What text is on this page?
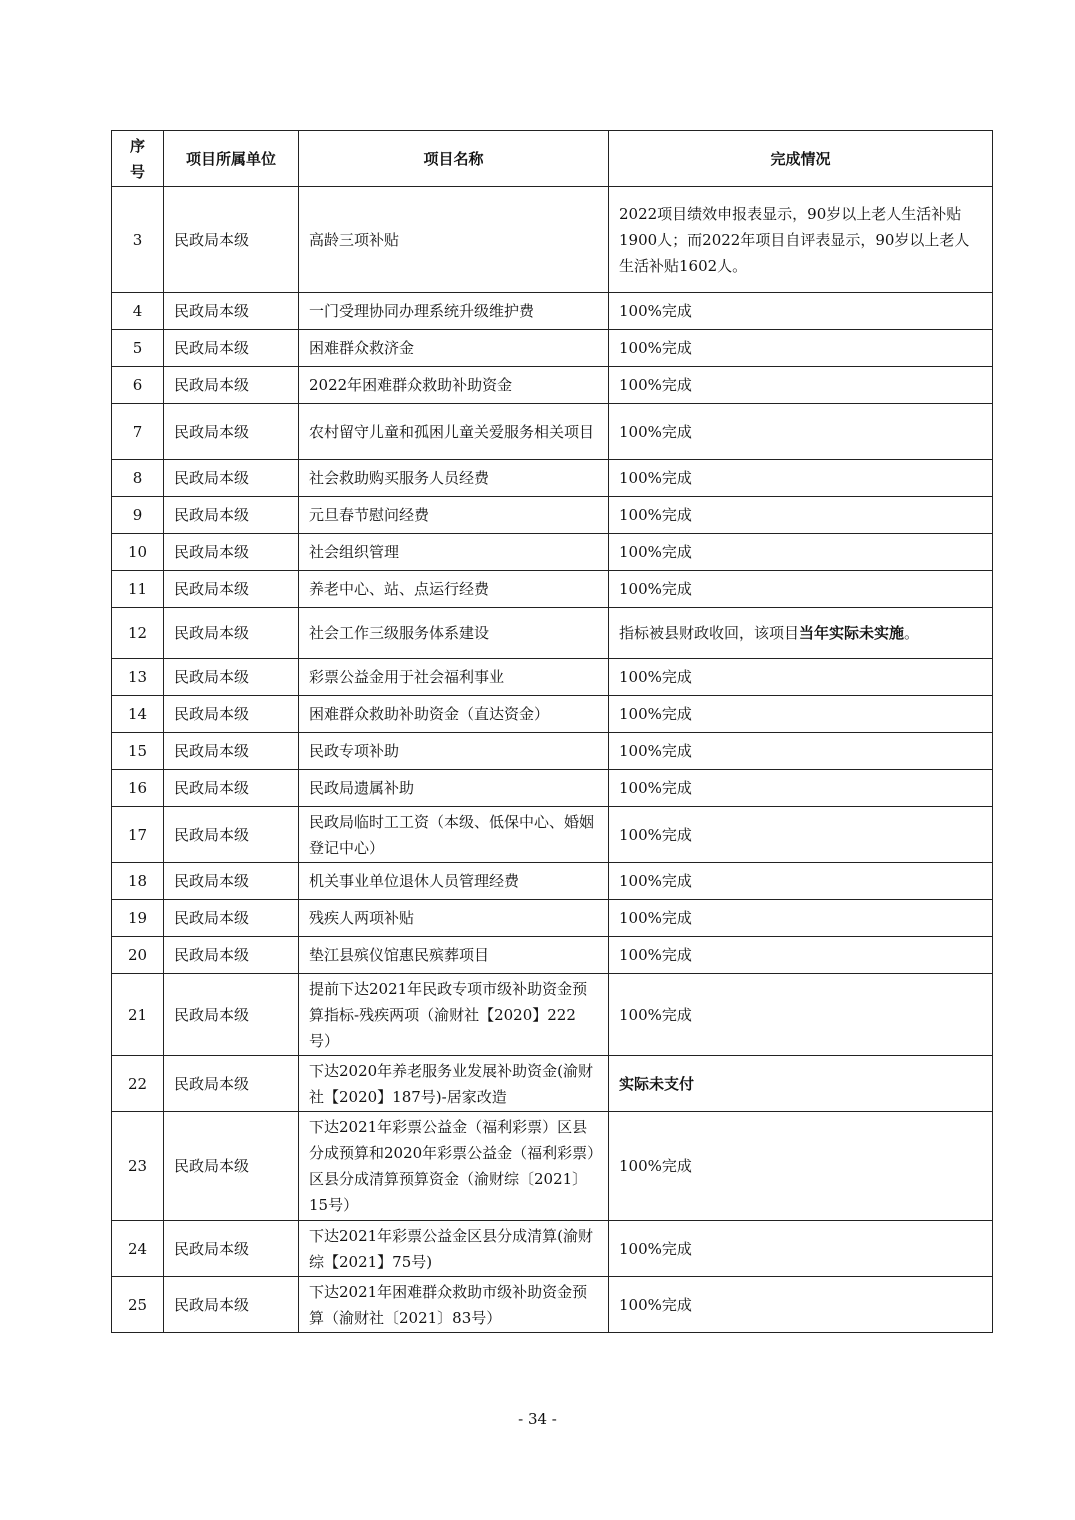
序号	项目所属单位	项目名称	完成情况
3	民政局本级	高龄三项补贴	2022项目绩效申报表显示，90岁以上老人生活补贴1900人；而2022年项目自评表显示，90岁以上老人生活补贴1602人。
4	民政局本级	一门受理协同办理系统升级维护费	100%完成
5	民政局本级	困难群众救济金	100%完成
6	民政局本级	2022年困难群众救助补助资金	100%完成
7	民政局本级	农村留守儿童和孤困儿童关爱服务相关项目	100%完成
8	民政局本级	社会救助购买服务人员经费	100%完成
9	民政局本级	元旦春节慰问经费	100%完成
10	民政局本级	社会组织管理	100%完成
11	民政局本级	养老中心、站、点运行经费	100%完成
12	民政局本级	社会工作三级服务体系建设	指标被县财政收回，该项目当年实际未实施。
13	民政局本级	彩票公益金用于社会福利事业	100%完成
14	民政局本级	困难群众救助补助资金（直达资金）	100%完成
15	民政局本级	民政专项补助	100%完成
16	民政局本级	民政局遗属补助	100%完成
17	民政局本级	民政局临时工工资（本级、低保中心、婚姻登记中心）	100%完成
18	民政局本级	机关事业单位退休人员管理经费	100%完成
19	民政局本级	残疾人两项补贴	100%完成
20	民政局本级	垫江县殡仪馆惠民殡葬项目	100%完成
21	民政局本级	提前下达2021年民政专项市级补助资金预算指标-残疾两项（渝财社【2020】222号）	100%完成
22	民政局本级	下达2020年养老服务业发展补助资金(渝财社【2020】187号)-居家改造	实际未支付
23	民政局本级	下达2021年彩票公益金（福利彩票）区县分成预算和2020年彩票公益金（福利彩票）区县分成清算预算资金（渝财综〔2021〕15号）	100%完成
24	民政局本级	下达2021年彩票公益金区县分成清算(渝财综【2021】75号)	100%完成
25	民政局本级	下达2021年困难群众救助市级补助资金预算（渝财社〔2021〕83号）	100%完成
- 34 -
